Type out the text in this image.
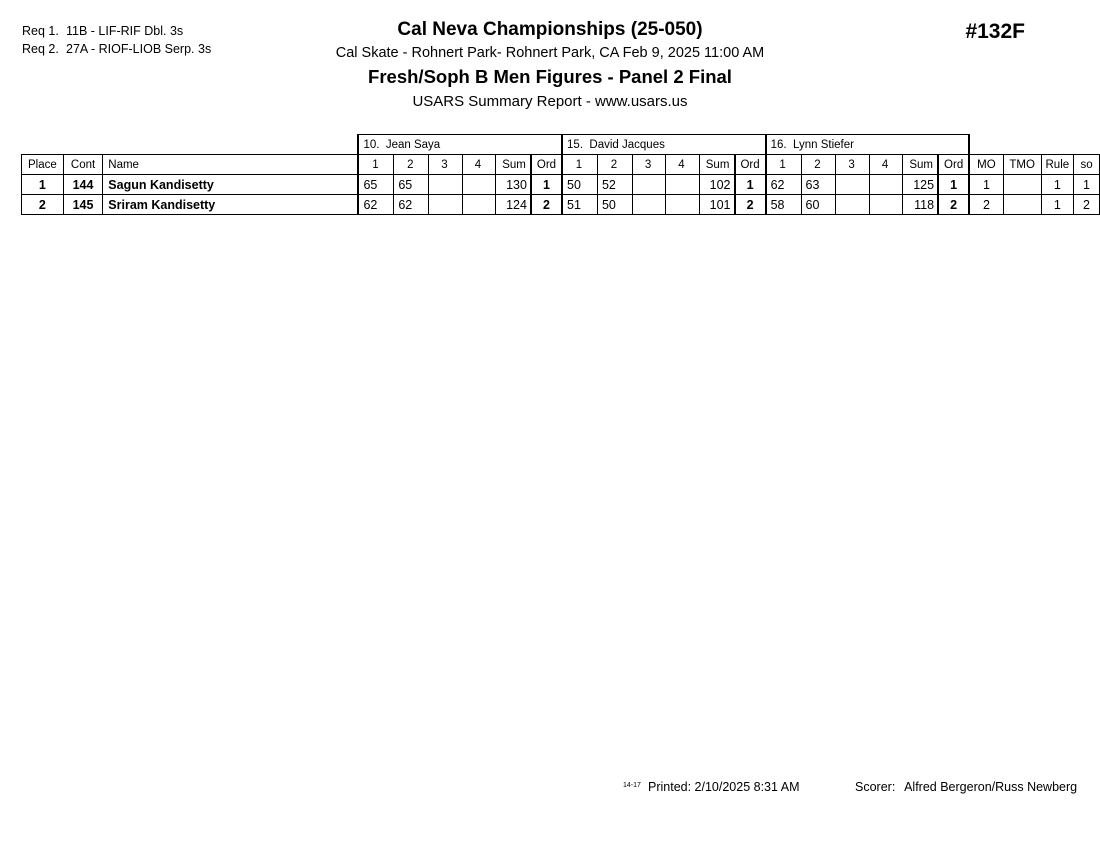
Req 1. 11B - LIF-RIF Dbl. 3s
Req 2. 27A - RIOF-LIOB Serp. 3s
Cal Neva Championships (25-050)
Cal Skate - Rohnert Park- Rohnert Park, CA Feb 9, 2025 11:00 AM
Fresh/Soph B Men Figures - Panel 2 Final
USARS Summary Report - www.usars.us
#132F
			10. Jean Saya						15. David Jacques						16. Lynn Stiefer									
Place	Cont	Name	1	2	3	4	Sum	Ord	1	2	3	4	Sum	Ord	1	2	3	4	Sum	Ord	MO	TMO	Rule	so
1	144	Sagun Kandisetty	65	65			130	1	50	52			102	1	62	63			125	1	1		1	1
2	145	Sriram Kandisetty	62	62			124	2	51	50			101	2	58	60			118	2	2		1	2
14-17 Printed: 2/10/2025 8:31 AM	Scorer: Alfred Bergeron/Russ Newberg
